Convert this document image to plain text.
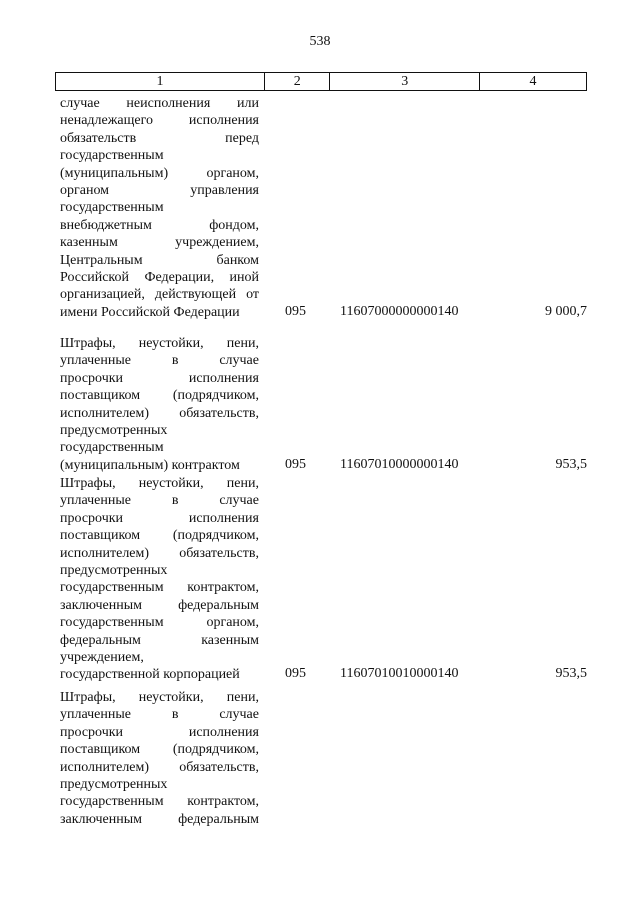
538
1	2	3	4
случае неисполнения или
ненадлежащего исполнения
обязательств перед
государственным
(муниципальным) органом,
органом управления
государственным
внебюджетным фондом,
казенным учреждением,
Центральным банком
Российской Федерации, иной
организацией, действующей от
имени Российской Федерации	095	11607000000000140	9 000,7
Штрафы, неустойки, пени,
уплаченные в случае
просрочки исполнения
поставщиком (подрядчиком,
исполнителем) обязательств,
предусмотренных
государственным
(муниципальным) контрактом	095	11607010000000140	953,5
Штрафы, неустойки, пени,
уплаченные в случае
просрочки исполнения
поставщиком (подрядчиком,
исполнителем) обязательств,
предусмотренных
государственным контрактом,
заключенным федеральным
государственным органом,
федеральным казенным
учреждением,
государственной корпорацией	095	11607010010000140	953,5
Штрафы, неустойки, пени,
уплаченные в случае
просрочки исполнения
поставщиком (подрядчиком,
исполнителем) обязательств,
предусмотренных
государственным контрактом,
заключенным федеральным
